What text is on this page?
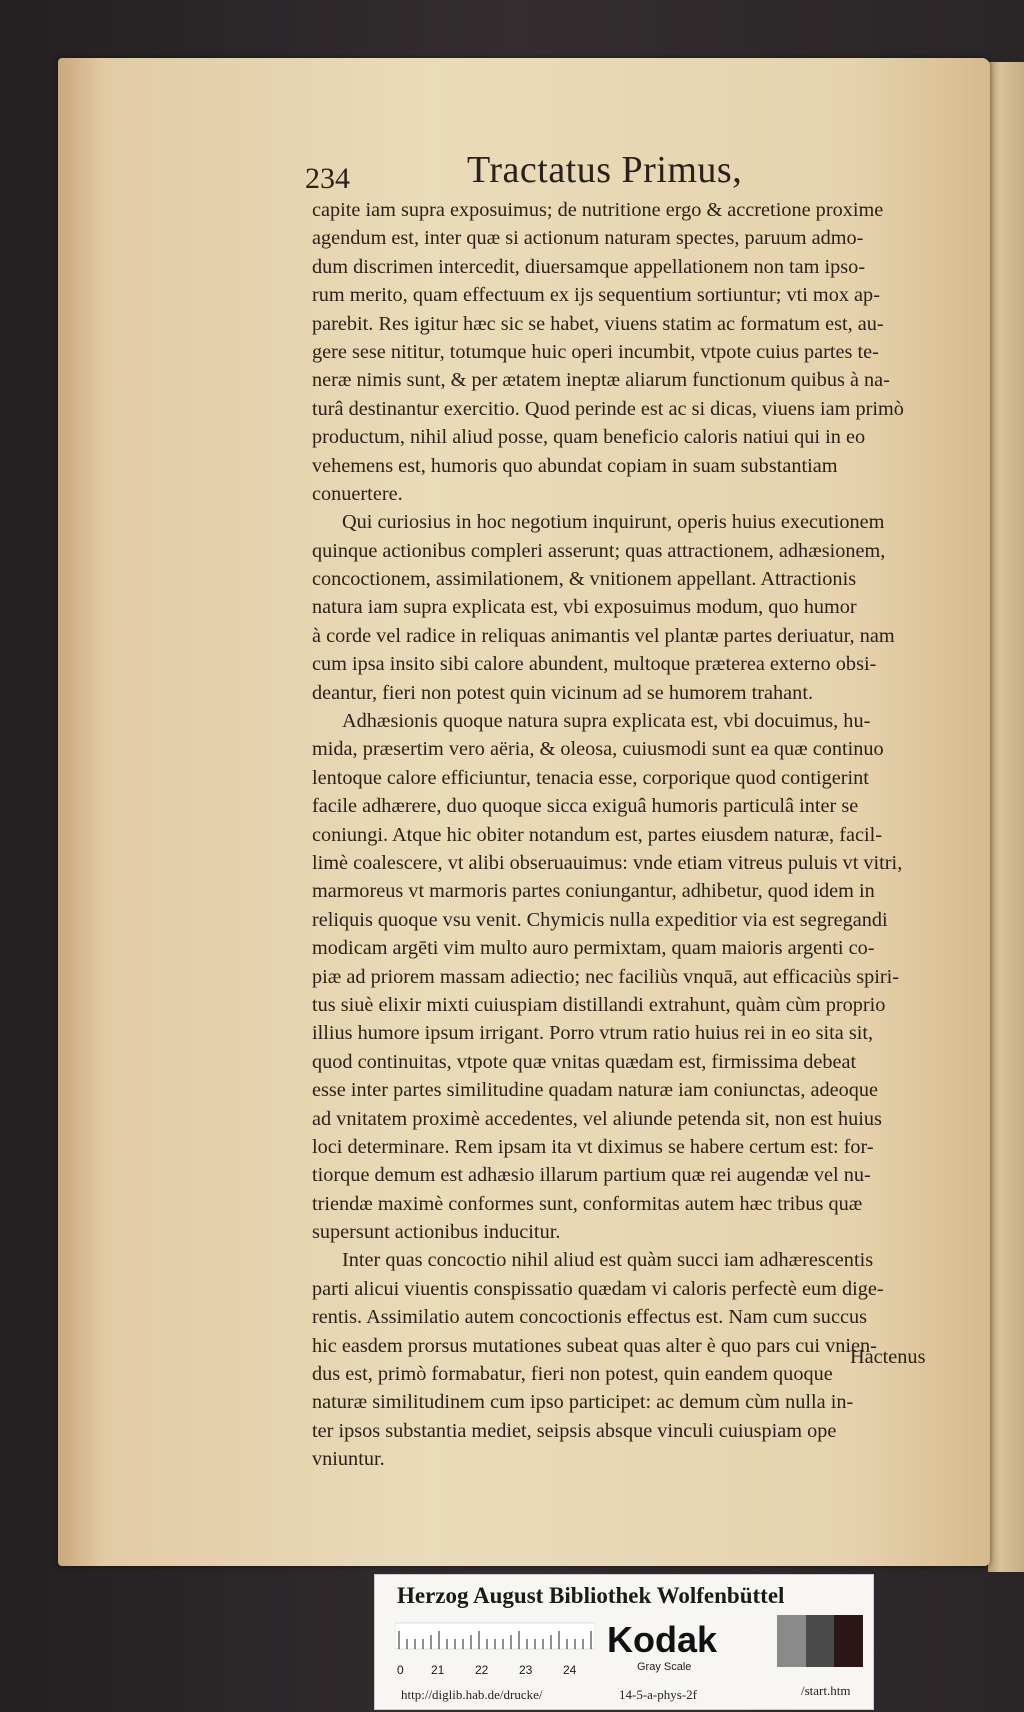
234	Tractatus Primus,
capite iam supra exposuimus; de nutritione ergo & accretione proxime
agendum est, inter quæ si actionum naturam spectes, paruum admo-
dum discrimen intercedit, diuersamque appellationem non tam ipso-
rum merito, quam effectuum ex ijs sequentium sortiuntur; vti mox ap-
parebit. Res igitur hæc sic se habet, viuens statim ac formatum est, au-
gere sese nititur, totumque huic operi incumbit, vtpote cuius partes te-
neræ nimis sunt, & per ætatem ineptæ aliarum functionum quibus à na-
turâ destinantur exercitio. Quod perinde est ac si dicas, viuens iam primò
productum, nihil aliud posse, quam beneficio caloris natiui qui in eo
vehemens est, humoris quo abundat copiam in suam substantiam
conuertere.
Qui curiosius in hoc negotium inquirunt, operis huius executionem
quinque actionibus compleri asserunt; quas attractionem, adhæsionem,
concoctionem, assimilationem, & vnitionem appellant. Attractionis
natura iam supra explicata est, vbi exposuimus modum, quo humor
à corde vel radice in reliquas animantis vel plantæ partes deriuatur, nam
cum ipsa insito sibi calore abundent, multoque præterea externo obsi-
deantur, fieri non potest quin vicinum ad se humorem trahant.
Adhæsionis quoque natura supra explicata est, vbi docuimus, hu-
mida, præsertim vero aëria, & oleosa, cuiusmodi sunt ea quæ continuo
lentoque calore efficiuntur, tenacia esse, corporique quod contigerint
facile adhærere, duo quoque sicca exiguâ humoris particulâ inter se
coniungi. Atque hic obiter notandum est, partes eiusdem naturæ, facil-
limè coalescere, vt alibi obseruauimus: vnde etiam vitreus puluis vt vitri,
marmoreus vt marmoris partes coniungantur, adhibetur, quod idem in
reliquis quoque vsu venit. Chymicis nulla expeditior via est segregandi
modicam argēti vim multo auro permixtam, quam maioris argenti co-
piæ ad priorem massam adiectio; nec faciliùs vnquā, aut efficaciùs spiri-
tus siuè elixir mixti cuiuspiam distillandi extrahunt, quàm cùm proprio
illius humore ipsum irrigant. Porro vtrum ratio huius rei in eo sita sit,
quod continuitas, vtpote quæ vnitas quædam est, firmissima debeat
esse inter partes similitudine quadam naturæ iam coniunctas, adeoque
ad vnitatem proximè accedentes, vel aliunde petenda sit, non est huius
loci determinare. Rem ipsam ita vt diximus se habere certum est: for-
tiorque demum est adhæsio illarum partium quæ rei augendæ vel nu-
triendæ maximè conformes sunt, conformitas autem hæc tribus quæ
supersunt actionibus inducitur.
Inter quas concoctio nihil aliud est quàm succi iam adhærescentis
parti alicui viuentis conspissatio quædam vi caloris perfectè eum dige-
rentis. Assimilatio autem concoctionis effectus est. Nam cum succus
hic easdem prorsus mutationes subeat quas alter è quo pars cui vnien-
dus est, primò formabatur, fieri non potest, quin eandem quoque
naturæ similitudinem cum ipso participet: ac demum cùm nulla in-
ter ipsos substantia mediet, seipsis absque vinculi cuiuspiam ope
vniuntur.
Hactenus
Herzog August Bibliothek Wolfenbüttel
0 21	22	23	24
Kodak
Gray Scale
http://diglib.hab.de/drucke/	14-5-a-phys-2f	/start.htm
